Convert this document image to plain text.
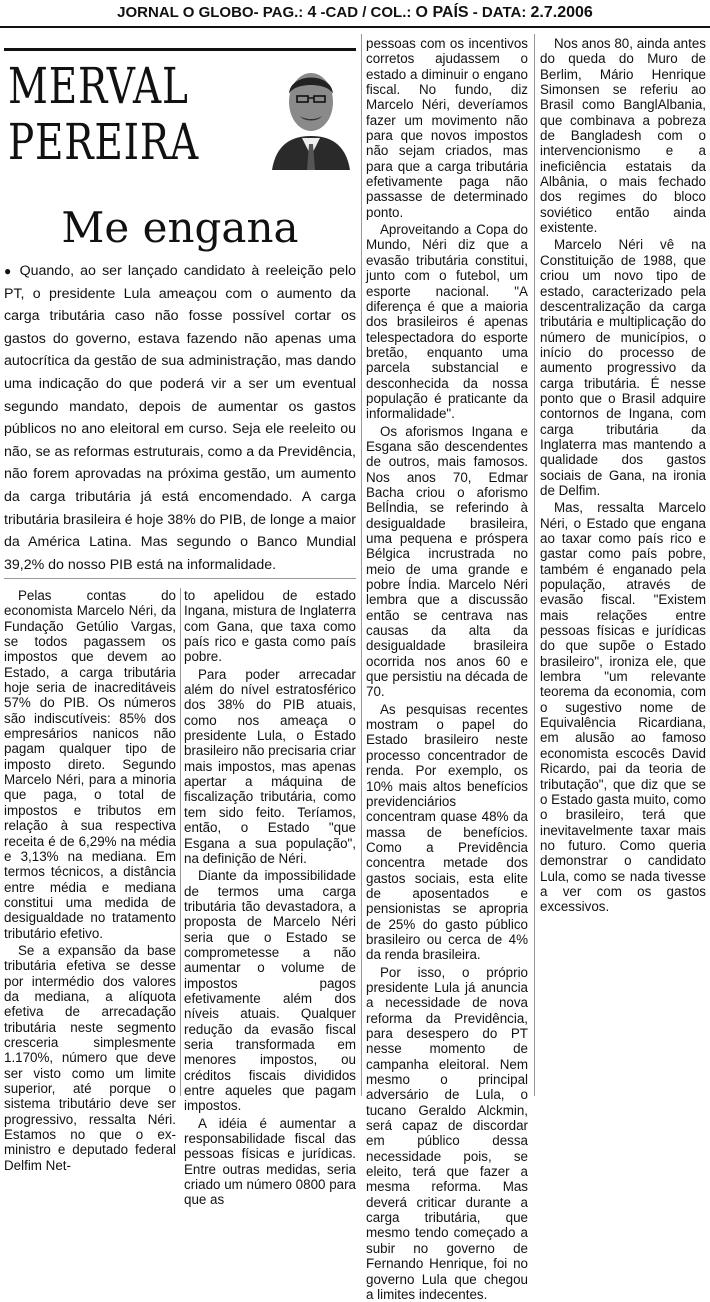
JORNAL O GLOBO- PAG.: 4 -CAD / COL.: O PAÍS - DATA: 2.7.2006
MERVAL
PEREIRA
Me engana
● Quando, ao ser lançado candidato à reeleição pelo PT, o presidente Lula ameaçou com o aumento da carga tributária caso não fosse possível cortar os gastos do governo, estava fazendo não apenas uma autocrítica da gestão de sua administração, mas dando uma indicação do que poderá vir a ser um eventual segundo mandato, depois de aumentar os gastos públicos no ano eleitoral em curso. Seja ele reeleito ou não, se as reformas estruturais, como a da Previdência, não forem aprovadas na próxima gestão, um aumento da carga tributária já está encomendado. A carga tributária brasileira é hoje 38% do PIB, de longe a maior da América Latina. Mas segundo o Banco Mundial 39,2% do nosso PIB está na informalidade.

Pelas contas do economista Marcelo Néri, da Fundação Getúlio Vargas, se todos pagassem os impostos que devem ao Estado, a carga tributária hoje seria de inacreditáveis 57% do PIB. Os números são indiscutíveis: 85% dos empresários nanicos não pagam qualquer tipo de imposto direto. Segundo Marcelo Néri, para a minoria que paga, o total de impostos e tributos em relação à sua respectiva receita é de 6,29% na média e 3,13% na mediana. Em termos técnicos, a distância entre média e mediana constitui uma medida de desigualdade no tratamento tributário efetivo.

Se a expansão da base tributária efetiva se desse por intermédio dos valores da mediana, a alíquota efetiva de arrecadação tributária neste segmento cresceria simplesmente 1.170%, número que deve ser visto como um limite superior, até porque o sistema tributário deve ser progressivo, ressalta Néri. Estamos no que o ex-ministro e deputado federal Delfim Net-

to apelidou de estado Ingana, mistura de Inglaterra com Gana, que taxa como país rico e gasta como país pobre.

Para poder arrecadar além do nível estratosférico dos 38% do PIB atuais, como nos ameaça o presidente Lula, o Estado brasileiro não precisaria criar mais impostos, mas apenas apertar a máquina de fiscalização tributária, como tem sido feito. Teríamos, então, o Estado "que Esgana a sua população", na definição de Néri.

Diante da impossibilidade de termos uma carga tributária tão devastadora, a proposta de Marcelo Néri seria que o Estado se comprometesse a não aumentar o volume de impostos pagos efetivamente além dos níveis atuais. Qualquer redução da evasão fiscal seria transformada em menores impostos, ou créditos fiscais divididos entre aqueles que pagam impostos.

A idéia é aumentar a responsabilidade fiscal das pessoas físicas e jurídicas. Entre outras medidas, seria criado um número 0800 para que as

pessoas com os incentivos corretos ajudassem o estado a diminuir o engano fiscal. No fundo, diz Marcelo Néri, deveríamos fazer um movimento não para que novos impostos não sejam criados, mas para que a carga tributária efetivamente paga não passasse de determinado ponto.

Aproveitando a Copa do Mundo, Néri diz que a evasão tributária constitui, junto com o futebol, um esporte nacional. "A diferença é que a maioria dos brasileiros é apenas telespectadora do esporte bretão, enquanto uma parcela substancial e desconhecida da nossa população é praticante da informalidade".

Os aforismos Ingana e Esgana são descendentes de outros, mais famosos. Nos anos 70, Edmar Bacha criou o aforismo BelÍndia, se referindo à desigualdade brasileira, uma pequena e próspera Bélgica incrustrada no meio de uma grande e pobre Índia. Marcelo Néri lembra que a discussão então se centrava nas causas da alta da desigualdade brasileira ocorrida nos anos 60 e que persistiu na década de 70.

As pesquisas recentes mostram o papel do Estado brasileiro neste processo concentrador de renda. Por exemplo, os 10% mais altos benefícios previdenciários concentram quase 48% da massa de benefícios. Como a Previdência concentra metade dos gastos sociais, esta elite de aposentados e pensionistas se apropria de 25% do gasto público brasileiro ou cerca de 4% da renda brasileira.

Por isso, o próprio presidente Lula já anuncia a necessidade de nova reforma da Previdência, para desespero do PT nesse momento de campanha eleitoral. Nem mesmo o principal adversário de Lula, o tucano Geraldo Alckmin, será capaz de discordar em público dessa necessidade pois, se eleito, terá que fazer a mesma reforma. Mas deverá criticar durante a carga tributária, que mesmo tendo começado a subir no governo de Fernando Henrique, foi no governo Lula que chegou a limites indecentes.

Nos anos 80, ainda antes do queda do Muro de Berlim, Mário Henrique Simonsen se referiu ao Brasil como BanglAlbania, que combinava a pobreza de Bangladesh com o intervencionismo e a ineficiência estatais da Albânia, o mais fechado dos regimes do bloco soviético então ainda existente.

Marcelo Néri vê na Constituição de 1988, que criou um novo tipo de estado, caracterizado pela descentralização da carga tributária e multiplicação do número de municípios, o início do processo de aumento progressivo da carga tributária. É nesse ponto que o Brasil adquire contornos de Ingana, com carga tributária da Inglaterra mas mantendo a qualidade dos gastos sociais de Gana, na ironia de Delfim.

Mas, ressalta Marcelo Néri, o Estado que engana ao taxar como país rico e gastar como país pobre, também é enganado pela população, através de evasão fiscal. "Existem mais relações entre pessoas físicas e jurídicas do que supõe o Estado brasileiro", ironiza ele, que lembra "um relevante teorema da economia, com o sugestivo nome de Equivalência Ricardiana, em alusão ao famoso economista escocês David Ricardo, pai da teoria de tributação", que diz que se o Estado gasta muito, como o brasileiro, terá que inevitavelmente taxar mais no futuro. Como queria demonstrar o candidato Lula, como se nada tivesse a ver com os gastos excessivos.
